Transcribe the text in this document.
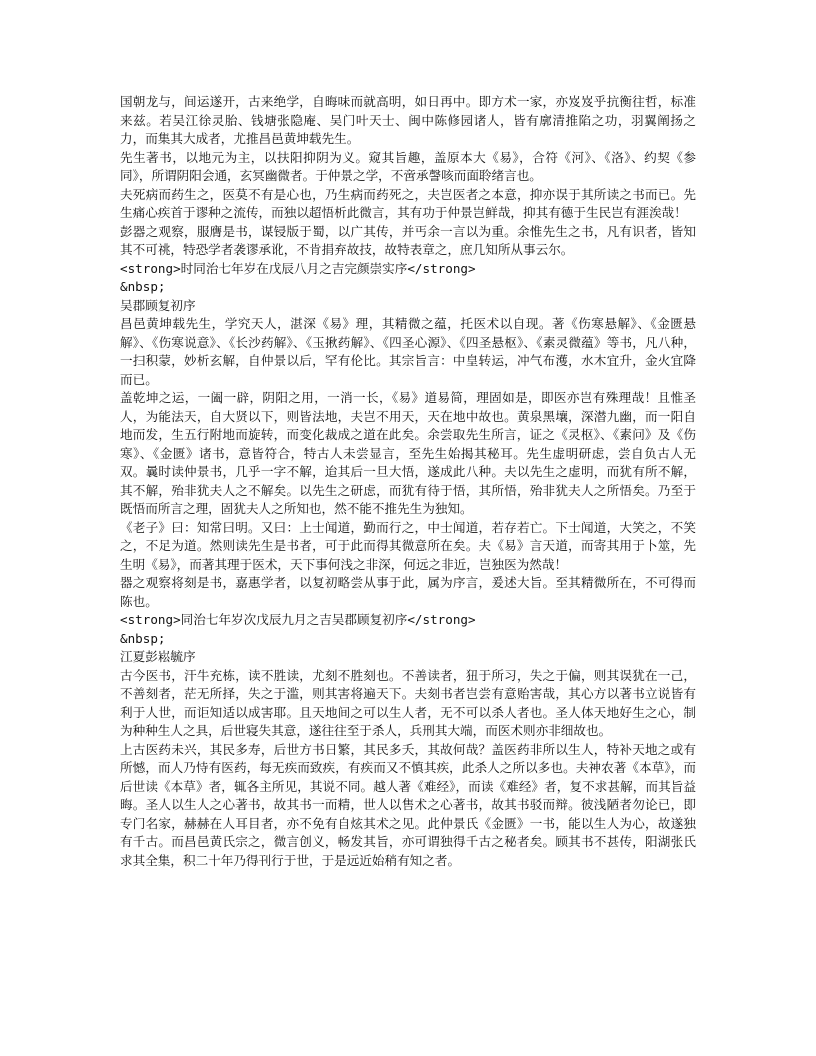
国朝龙与，间运遂开，古来绝学，自晦味而就高明，如日再中。即方术一家，亦岌岌乎抗衡往哲，标准来兹。若吴江徐灵胎、钱塘张隐庵、吴门叶天士、闽中陈修园诸人，皆有廓清推陷之功，羽翼阐扬之力，而集其大成者，尤推昌邑黄坤载先生。

先生著书，以地元为主，以扶阳抑阴为义。窥其旨趣，盖原本大《易》，合符《河》、《洛》、约契《参同》，所谓阴阳会通，玄冥幽微者。于仲景之学，不啻承謦咳而面聆绪言也。

夫死病而药生之，医莫不有是心也，乃生病而药死之，夫岂医者之本意，抑亦误于其所读之书而已。先生痛心疾首于谬种之流传，而独以超悟析此微言，其有功于仲景岂鲜哉，抑其有德于生民岂有涯涘哉！

彭器之观察，服膺是书，谋锓版于蜀，以广其传，并丐余一言以为重。余惟先生之书，凡有识者，皆知其不可祧，特恐学者袭谬承讹，不肯捐弃故技，故特表章之，庶几知所从事云尔。

<strong>时同治七年岁在戊辰八月之吉完颜崇实序</strong>

&nbsp;

吴郡顾复初序

昌邑黄坤载先生，学究天人，湛深《易》理，其精微之蕴，托医术以自现。著《伤寒悬解》、《金匮悬解》、《伤寒说意》、《长沙药解》、《玉揪药解》、《四圣心源》、《四圣悬枢》、《素灵微蕴》等书，凡八种，一扫积蒙，妙析玄解，自仲景以后，罕有伦比。其宗旨言：中皇转运，冲气布濩，水木宜升，金火宜降而已。

盖乾坤之运，一阖一辟，阴阳之用，一消一长，《易》道易简，理固如是，即医亦岂有殊理哉！且惟圣人，为能法天，自大贤以下，则皆法地，夫岂不用天，天在地中故也。黄泉黑壤，深潜九幽，而一阳自地而发，生五行附地而旋转，而变化裁成之道在此矣。余尝取先生所言，证之《灵枢》、《素问》及《伤寒》、《金匮》诸书，意皆符合，特古人未尝显言，至先生始揭其秘耳。先生虚明研虑，尝自负古人无双。曩时读仲景书，几乎一字不解，迨其后一旦大悟，遂成此八种。夫以先生之虚明，而犹有所不解，其不解，殆非犹夫人之不解矣。以先生之研虑，而犹有待于悟，其所悟，殆非犹夫人之所悟矣。乃至于既悟而所言之理，固犹夫人之所知也，然不能不推先生为独知。

《老子》曰：知常曰明。又曰：上士闻道，勤而行之，中士闻道，若存若亡。下士闻道，大笑之，不笑之，不足为道。然则读先生是书者，可于此而得其微意所在矣。夫《易》言天道，而寄其用于卜筮，先生明《易》，而著其理于医术，天下事何浅之非深，何远之非近，岂独医为然哉！

器之观察将刻是书，嘉惠学者，以复初略尝从事于此，属为序言，爰述大旨。至其精微所在，不可得而陈也。

<strong>同治七年岁次戊辰九月之吉吴郡顾复初序</strong>

&nbsp;

江夏彭崧毓序

古今医书，汗牛充栋，读不胜读，尤刻不胜刻也。不善读者，狃于所习，失之于偏，则其误犹在一己，不善刻者，茫无所择，失之于滥，则其害将遍天下。夫刻书者岂尝有意贻害哉，其心方以著书立说皆有利于人世，而讵知适以成害耶。且天地间之可以生人者，无不可以杀人者也。圣人体天地好生之心，制为种种生人之具，后世寝失其意，遂往往至于杀人，兵刑其大端，而医术则亦非细故也。

上古医药未兴，其民多寿，后世方书日繁，其民多夭，其故何哉？盖医药非所以生人，特补天地之或有所憾，而人乃恃有医药，每无疾而致疾，有疾而又不慎其疾，此杀人之所以多也。夫神农著《本草》，而后世读《本草》者，辄各主所见，其说不同。越人著《难经》，而读《难经》者，复不求甚解，而其旨益晦。圣人以生人之心著书，故其书一而精，世人以售术之心著书，故其书驳而辩。彼浅陋者勿论已，即专门名家，赫赫在人耳目者，亦不免有自炫其术之见。此仲景氏《金匮》一书，能以生人为心，故遂独有千古。而昌邑黄氏宗之，微言创义，畅发其旨，亦可谓独得千古之秘者矣。顾其书不甚传，阳湖张氏求其全集，积二十年乃得刊行于世，于是远近始稍有知之者。
